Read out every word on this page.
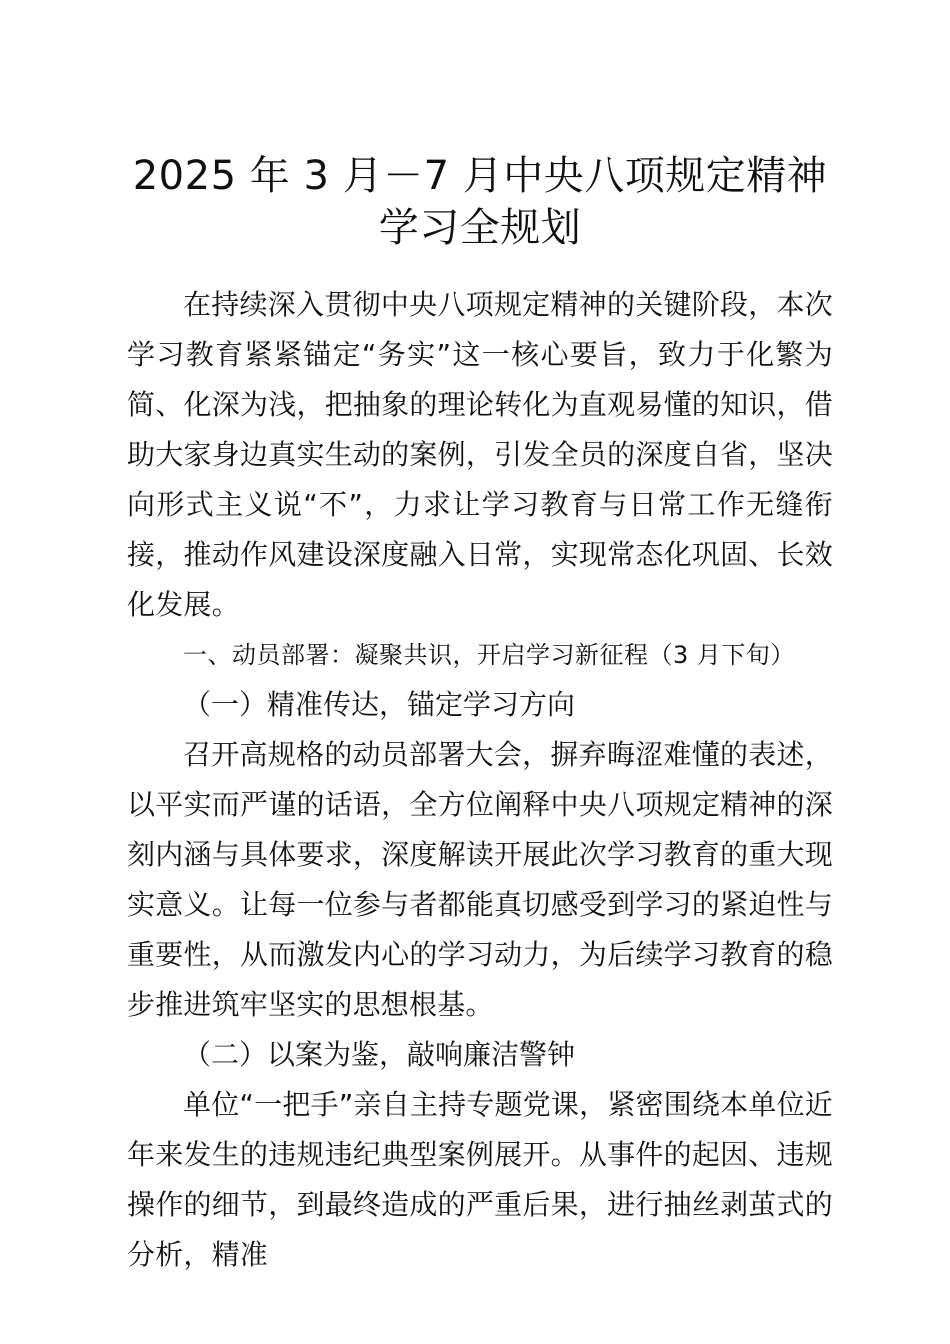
2025 年 3 月－7 月中央八项规定精神学习全规划

在持续深入贯彻中央八项规定精神的关键阶段，本次学习教育紧紧锚定“务实”这一核心要旨，致力于化繁为简、化深为浅，把抽象的理论转化为直观易懂的知识，借助大家身边真实生动的案例，引发全员的深度自省，坚决向形式主义说“不”，力求让学习教育与日常工作无缝衔接，推动作风建设深度融入日常，实现常态化巩固、长效化发展。

一、动员部署：凝聚共识，开启学习新征程（3 月下旬）

（一）精准传达，锚定学习方向

召开高规格的动员部署大会，摒弃晦涩难懂的表述，以平实而严谨的话语，全方位阐释中央八项规定精神的深刻内涵与具体要求，深度解读开展此次学习教育的重大现实意义。让每一位参与者都能真切感受到学习的紧迫性与重要性，从而激发内心的学习动力，为后续学习教育的稳步推进筑牢坚实的思想根基。

（二）以案为鉴，敲响廉洁警钟

单位“一把手”亲自主持专题党课，紧密围绕本单位近年来发生的违规违纪典型案例展开。从事件的起因、违规操作的细节，到最终造成的严重后果，进行抽丝剥茧式的分析，精准
